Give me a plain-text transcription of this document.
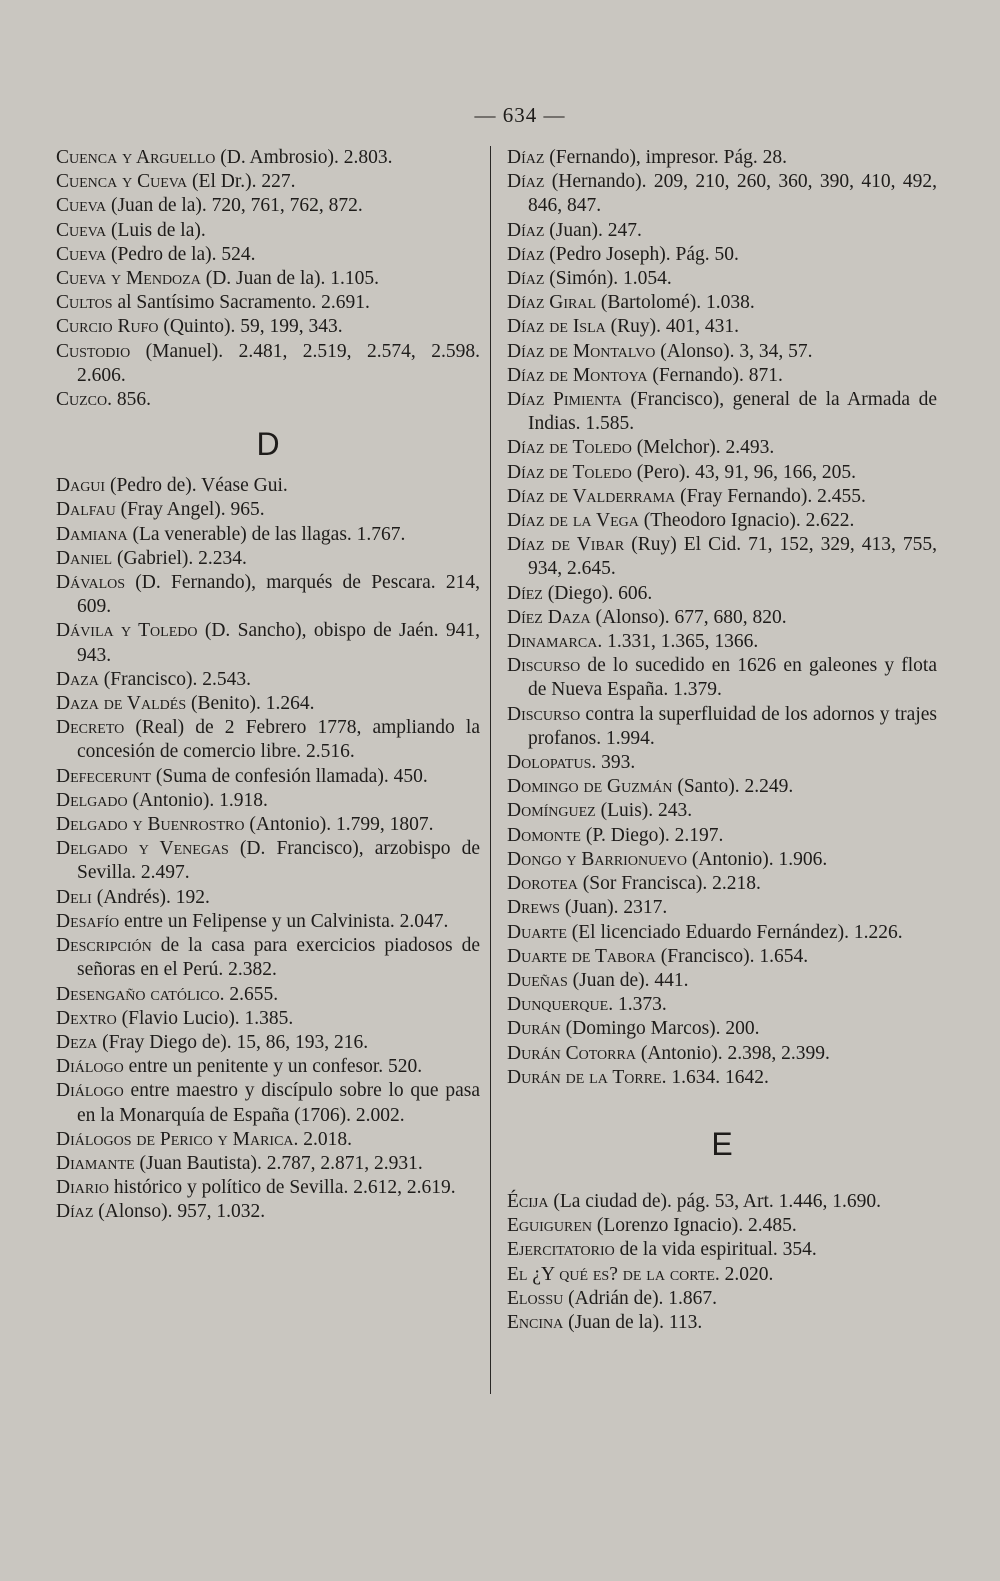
— 634 —
Cuenca y Arguello (D. Ambrosio). 2.803.
Cuenca y Cueva (El Dr.). 227.
Cueva (Juan de la). 720, 761, 762, 872.
Cueva (Luis de la).
Cueva (Pedro de la). 524.
Cueva y Mendoza (D. Juan de la). 1.105.
Cultos al Santísimo Sacramento. 2.691.
Curcio Rufo (Quinto). 59, 199, 343.
Custodio (Manuel). 2.481, 2.519, 2.574, 2.598. 2.606.
Cuzco. 856.
D
Dagui (Pedro de). Véase Gui.
Dalfau (Fray Angel). 965.
Damiana (La venerable) de las llagas. 1.767.
Daniel (Gabriel). 2.234.
Dávalos (D. Fernando), marqués de Pescara. 214, 609.
Dávila y Toledo (D. Sancho), obispo de Jaén. 941, 943.
Daza (Francisco). 2.543.
Daza de Valdés (Benito). 1.264.
Decreto (Real) de 2 Febrero 1778, ampliando la concesión de comercio libre. 2.516.
Defecerunt (Suma de confesión llamada). 450.
Delgado (Antonio). 1.918.
Delgado y Buenrostro (Antonio). 1.799, 1807.
Delgado y Venegas (D. Francisco), arzobispo de Sevilla. 2.497.
Deli (Andrés). 192.
Desafío entre un Felipense y un Calvinista. 2.047.
Descripción de la casa para exercicios piadosos de señoras en el Perú. 2.382.
Desengaño católico. 2.655.
Dextro (Flavio Lucio). 1.385.
Deza (Fray Diego de). 15, 86, 193, 216.
Diálogo entre un penitente y un confesor. 520.
Diálogo entre maestro y discípulo sobre lo que pasa en la Monarquía de España (1706). 2.002.
Diálogos de Perico y Marica. 2.018.
Diamante (Juan Bautista). 2.787, 2.871, 2.931.
Diario histórico y político de Sevilla. 2.612, 2.619.
Díaz (Alonso). 957, 1.032.
Díaz (Fernando), impresor. Pág. 28.
Díaz (Hernando). 209, 210, 260, 360, 390, 410, 492, 846, 847.
Díaz (Juan). 247.
Díaz (Pedro Joseph). Pág. 50.
Díaz (Simón). 1.054.
Díaz Giral (Bartolomé). 1.038.
Díaz de Isla (Ruy). 401, 431.
Díaz de Montalvo (Alonso). 3, 34, 57.
Díaz de Montoya (Fernando). 871.
Díaz Pimienta (Francisco), general de la Armada de Indias. 1.585.
Díaz de Toledo (Melchor). 2.493.
Díaz de Toledo (Pero). 43, 91, 96, 166, 205.
Díaz de Valderrama (Fray Fernando). 2.455.
Díaz de la Vega (Theodoro Ignacio). 2.622.
Díaz de Vibar (Ruy) El Cid. 71, 152, 329, 413, 755, 934, 2.645.
Díez (Diego). 606.
Díez Daza (Alonso). 677, 680, 820.
Dinamarca. 1.331, 1.365, 1366.
Discurso de lo sucedido en 1626 en galeones y flota de Nueva España. 1.379.
Discurso contra la superfluidad de los adornos y trajes profanos. 1.994.
Dolopatus. 393.
Domingo de Guzmán (Santo). 2.249.
Domínguez (Luis). 243.
Domonte (P. Diego). 2.197.
Dongo y Barrionuevo (Antonio). 1.906.
Dorotea (Sor Francisca). 2.218.
Drews (Juan). 2317.
Duarte (El licenciado Eduardo Fernández). 1.226.
Duarte de Tabora (Francisco). 1.654.
Dueñas (Juan de). 441.
Dunquerque. 1.373.
Durán (Domingo Marcos). 200.
Durán Cotorra (Antonio). 2.398, 2.399.
Durán de la Torre. 1.634. 1642.
E
Écija (La ciudad de). pág. 53, Art. 1.446, 1.690.
Eguiguren (Lorenzo Ignacio). 2.485.
Ejercitatorio de la vida espiritual. 354.
El ¿Y qué es? de la corte. 2.020.
Elossu (Adrián de). 1.867.
Encina (Juan de la). 113.
